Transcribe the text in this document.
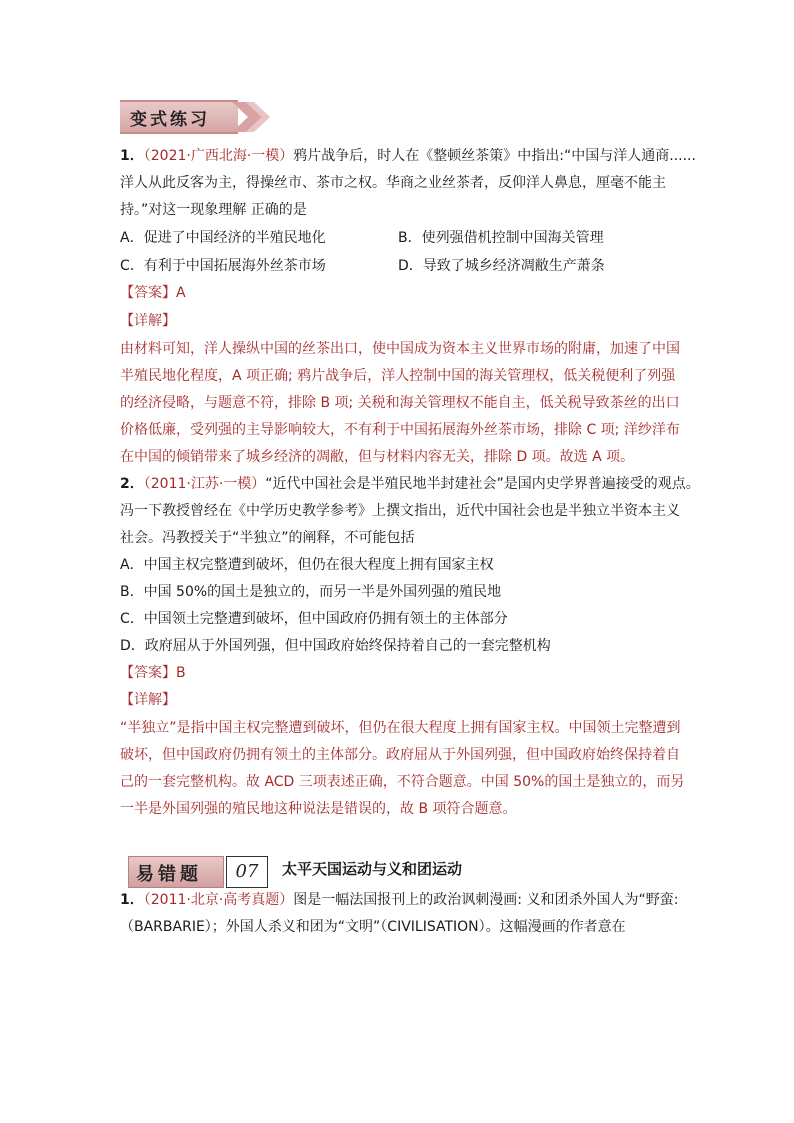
变式练习
1．（2021·广西北海·一模）鸦片战争后，时人在《整顿丝茶策》中指出:“中国与洋人通商......
洋人从此反客为主，得操丝市、茶市之权。华商之业丝茶者，反仰洋人鼻息，厘毫不能主
持。”对这一现象理解 正确的是
A．促进了中国经济的半殖民地化	B．使列强借机控制中国海关管理
C．有利于中国拓展海外丝茶市场	D．导致了城乡经济凋敝生产萧条
【答案】A
【详解】
由材料可知，洋人操纵中国的丝茶出口，使中国成为资本主义世界市场的附庸，加速了中国
半殖民地化程度，A 项正确; 鸦片战争后，洋人控制中国的海关管理权，低关税便利了列强
的经济侵略，与题意不符，排除 B 项; 关税和海关管理权不能自主，低关税导致茶丝的出口
价格低廉，受列强的主导影响较大，不有利于中国拓展海外丝茶市场，排除 C 项; 洋纱洋布
在中国的倾销带来了城乡经济的凋敝，但与材料内容无关，排除 D 项。故选 A 项。
2．（2011·江苏·一模）“近代中国社会是半殖民地半封建社会”是国内史学界普遍接受的观点。
冯一下教授曾经在《中学历史教学参考》上撰文指出，近代中国社会也是半独立半资本主义
社会。冯教授关于“半独立”的阐释，不可能包括
A．中国主权完整遭到破坏，但仍在很大程度上拥有国家主权
B．中国 50%的国土是独立的，而另一半是外国列强的殖民地
C．中国领土完整遭到破坏，但中国政府仍拥有领土的主体部分
D．政府屈从于外国列强，但中国政府始终保持着自己的一套完整机构
【答案】B
【详解】
“半独立”是指中国主权完整遭到破坏，但仍在很大程度上拥有国家主权。中国领土完整遭到
破坏，但中国政府仍拥有领土的主体部分。政府屈从于外国列强，但中国政府始终保持着自
己的一套完整机构。故 ACD 三项表述正确，不符合题意。中国 50%的国土是独立的，而另
一半是外国列强的殖民地这种说法是错误的，故 B 项符合题意。
易错题	07	太平天国运动与义和团运动
1．（2011·北京·高考真题）图是一幅法国报刊上的政治讽刺漫画: 义和团杀外国人为“野蛮:
（BARBARIE）；外国人杀义和团为“文明”（CIVILISATION）。这幅漫画的作者意在
